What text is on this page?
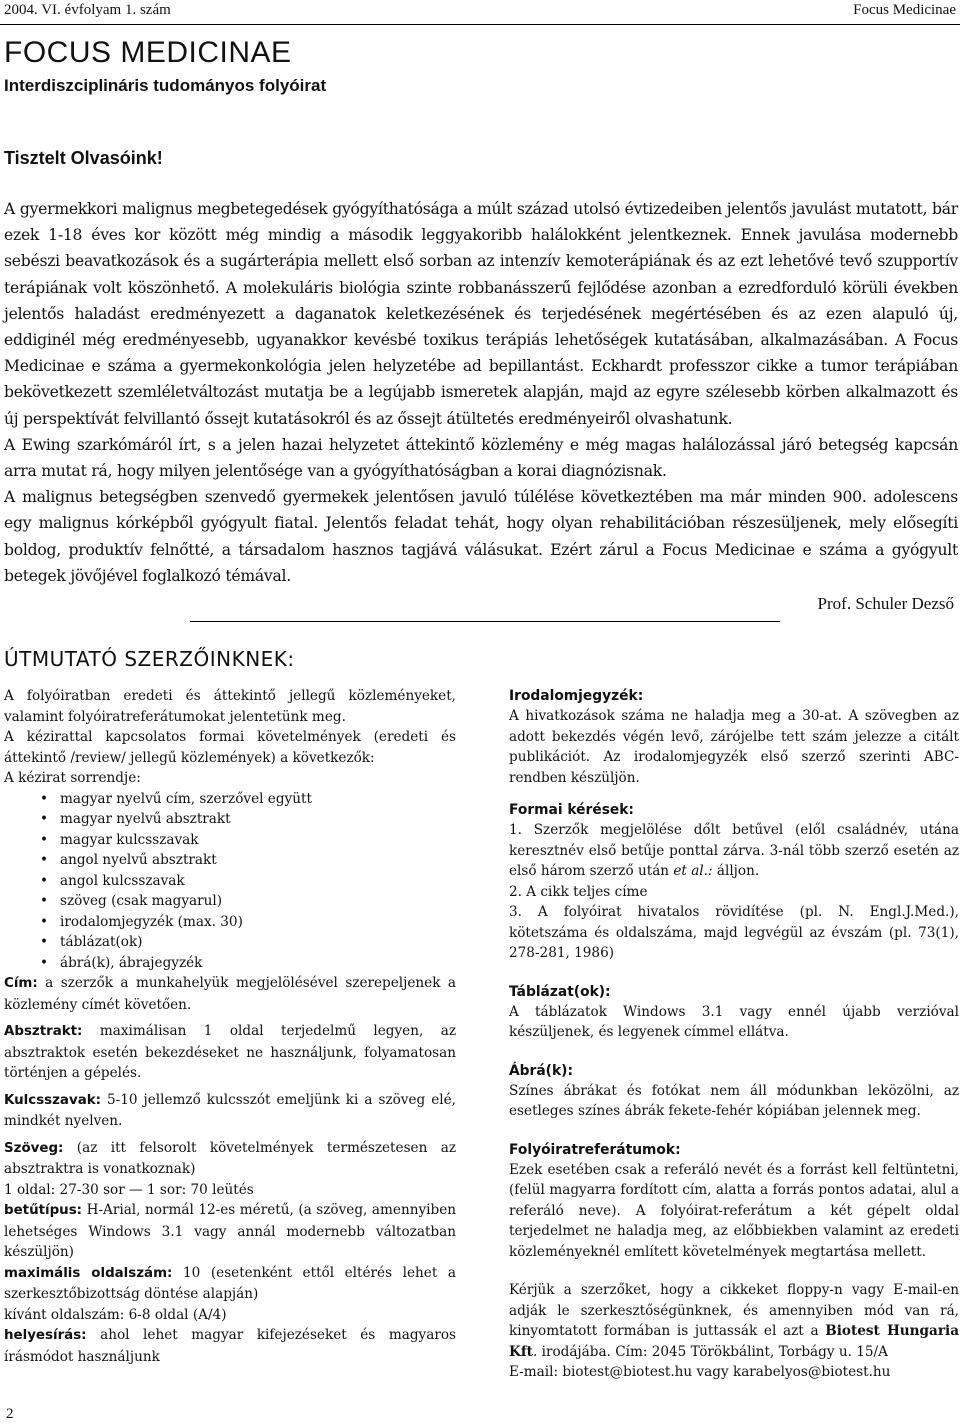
2004. VI. évfolyam 1. szám	Focus Medicinae
FOCUS MEDICINAE
Interdiszciplináris tudományos folyóirat
Tisztelt Olvasóink!

A gyermekkori malignus megbetegedések gyógyíthatósága a múlt század utolsó évtizedeiben jelentős javulást mutatott, bár ezek 1-18 éves kor között még mindig a második leggyakoribb halálokként jelentkeznek. Ennek javulása modernebb sebészi beavatkozások és a sugárterápia mellett első sorban az intenzív kemoterápiának és az ezt lehetővé tevő szupportív terápiának volt köszönhető. A molekuláris biológia szinte robbanásszerű fejlődése azonban a ezredforduló körüli években jelentős haladást eredményezett a daganatok keletkezésének és terjedésének megértésében és az ezen alapuló új, eddiginél még eredményesebb, ugyanakkor kevésbé toxikus terápiás lehetőségek kutatásában, alkalmazásában. A Focus Medicinae e száma a gyermekonkológia jelen helyzetébe ad bepillantást. Eckhardt professzor cikke a tumor terápiában bekövetkezett szemléletváltozást mutatja be a legújabb ismeretek alapján, majd az egyre szélesebb körben alkalmazott és új perspektívát felvillantó őssejt kutatásokról és az őssejt átültetés eredményeiről olvashatunk.

A Ewing szarkómáról írt, s a jelen hazai helyzetet áttekintő közlemény e még magas halálozással járó betegség kapcsán arra mutat rá, hogy milyen jelentősége van a gyógyíthatóságban a korai diagnózisnak.

A malignus betegségben szenvedő gyermekek jelentősen javuló túlélése következtében ma már minden 900. adolescens egy malignus kórképből gyógyult fiatal. Jelentős feladat tehát, hogy olyan rehabilitációban részesüljenek, mely elősegíti boldog, produktív felnőtté, a társadalom hasznos tagjává válásukat. Ezért zárul a Focus Medicinae e száma a gyógyult betegek jövőjével foglalkozó témával.

Prof. Schuler Dezső
ÚTMUTATÓ SZERZŐINKNEK:

A folyóiratban eredeti és áttekintő jellegű közleményeket, valamint folyóiratreferátumokat jelentetünk meg.

A kézirattal kapcsolatos formai követelmények (eredeti és áttekintő /review/ jellegű közlemények) a következők:

A kézirat sorrendje:

• magyar nyelvű cím, szerzővel együtt
• magyar nyelvű absztrakt
• magyar kulcsszavak
• angol nyelvű absztrakt
• angol kulcsszavak
• szöveg (csak magyarul)
• irodalomjegyzék (max. 30)
• táblázat(ok)
• ábrá(k), ábrajegyzék

Cím: a szerzők a munkahelyük megjelölésével szerepeljenek a közlemény címét követően.

Absztrakt: maximálisan 1 oldal terjedelmű legyen, az absztraktok esetén bekezdéseket ne használjunk, folyamatosan történjen a gépelés.

Kulcsszavak: 5-10 jellemző kulcsszót emeljünk ki a szöveg elé, mindkét nyelven.

Szöveg: (az itt felsorolt követelmények természetesen az absztraktra is vonatkoznak)

1 oldal: 27-30 sor — 1 sor: 70 leütés

betűtípus: H-Arial, normál 12-es méretű, (a szöveg, amennyiben lehetséges Windows 3.1 vagy annál modernebb változatban készüljön)

maximális oldalszám: 10 (esetenként ettől eltérés lehet a szerkesztőbizottság döntése alapján)

kívánt oldalszám: 6-8 oldal (A/4)

helyesírás: ahol lehet magyar kifejezéseket és magyaros írásmódot használjunk

Irodalomjegyzék:

A hivatkozások száma ne haladja meg a 30-at. A szövegben az adott bekezdés végén levő, zárójelbe tett szám jelezze a citált publikációt. Az irodalomjegyzék első szerző szerinti ABC-rendben készüljön.

Formai kérések:

1. Szerzők megjelölése dőlt betűvel (elől családnév, utána keresztnév első betűje ponttal zárva. 3-nál több szerző esetén az első három szerző után et al.: álljon.

2. A cikk teljes címe

3. A folyóirat hivatalos rövidítése (pl. N. Engl.J.Med.), kötetszáma és oldalszáma, majd legvégül az évszám (pl. 73(1), 278-281, 1986)

Táblázat(ok):

A táblázatok Windows 3.1 vagy ennél újabb verzióval készüljenek, és legyenek címmel ellátva.

Ábrá(k):

Színes ábrákat és fotókat nem áll módunkban leközölni, az esetleges színes ábrák fekete-fehér kópiában jelennek meg.

Folyóiratreferátumok:

Ezek esetében csak a referáló nevét és a forrást kell feltüntetni, (felül magyarra fordított cím, alatta a forrás pontos adatai, alul a referáló neve). A folyóirat-referátum a két gépelt oldal terjedelmet ne haladja meg, az előbbiekben valamint az eredeti közleményeknél említett követelmények megtartása mellett.

Kérjük a szerzőket, hogy a cikkeket floppy-n vagy E-mail-en adják le szerkesztőségünknek, és amennyiben mód van rá, kinyomtatott formában is juttassák el azt a Biotest Hungaria Kft. irodájába. Cím: 2045 Törökbálint, Torbágy u. 15/A

E-mail: biotest@biotest.hu vagy karabelyos@biotest.hu

2
